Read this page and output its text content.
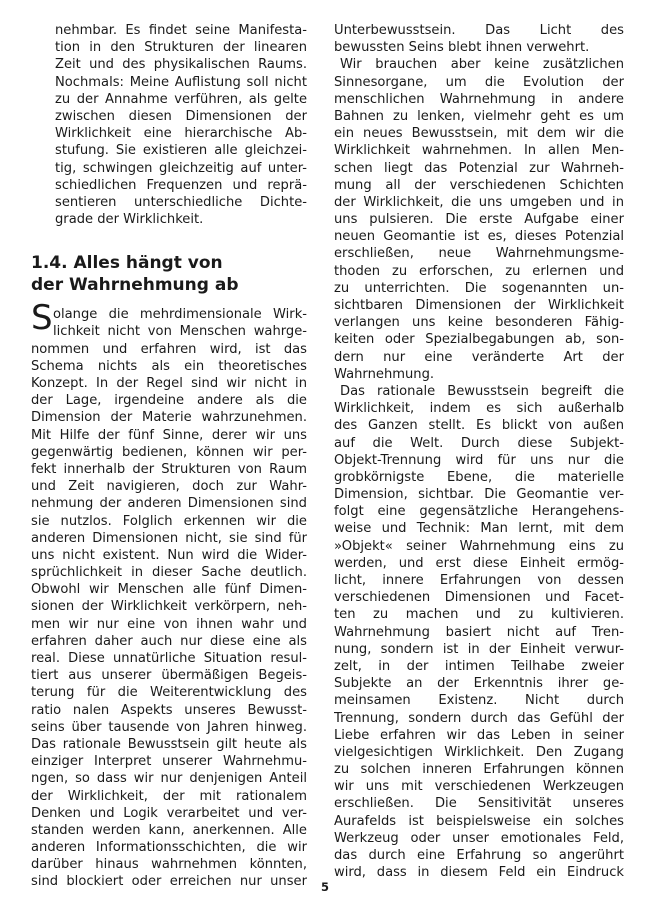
nehmbar. Es findet seine Manifesta-
tion in den Strukturen der linearen
Zeit und des physikalischen Raums.
Nochmals: Meine Auflistung soll nicht
zu der Annahme verführen, als gelte
zwischen diesen Dimensionen der
Wirklichkeit eine hierarchische Ab-
stufung. Sie existieren alle gleichzei-
tig, schwingen gleichzeitig auf unter-
schiedlichen Frequenzen und reprä-
sentieren unterschiedliche Dichte-
grade der Wirklichkeit.
1.4. Alles hängt von
der Wahrnehmung ab
S olange die mehrdimensionale Wirk-
lichkeit nicht von Menschen wahrge-
nommen und erfahren wird, ist das
Schema nichts als ein theoretisches
Konzept. In der Regel sind wir nicht in
der Lage, irgendeine andere als die
Dimension der Materie wahrzunehmen.
Mit Hilfe der fünf Sinne, derer wir uns
gegenwärtig bedienen, können wir per-
fekt innerhalb der Strukturen von Raum
und Zeit navigieren, doch zur Wahr-
nehmung der anderen Dimensionen sind
sie nutzlos. Folglich erkennen wir die
anderen Dimensionen nicht, sie sind für
uns nicht existent. Nun wird die Wider-
sprüchlichkeit in dieser Sache deutlich.
Obwohl wir Menschen alle fünf Dimen-
sionen der Wirklichkeit verkörpern, neh-
men wir nur eine von ihnen wahr und
erfahren daher auch nur diese eine als
real. Diese unnatürliche Situation resul-
tiert aus unserer übermäßigen Begeis-
terung für die Weiterentwicklung des
ratio nalen Aspekts unseres Bewusst-
seins über tausende von Jahren hinweg.
Das rationale Bewusstsein gilt heute als
einziger Interpret unserer Wahrnehmu-
ngen, so dass wir nur denjenigen Anteil
der Wirklichkeit, der mit rationalem
Denken und Logik verarbeitet und ver-
standen werden kann, anerkennen. Alle
anderen Informationsschichten, die wir
darüber hinaus wahrnehmen könnten,
sind blockiert oder erreichen nur unser
Unterbewusstsein. Das Licht des
bewussten Seins blebt ihnen verwehrt.
Wir brauchen aber keine zusätzlichen
Sinnesorgane, um die Evolution der
menschlichen Wahrnehmung in andere
Bahnen zu lenken, vielmehr geht es um
ein neues Bewusstsein, mit dem wir die
Wirklichkeit wahrnehmen. In allen Men-
schen liegt das Potenzial zur Wahrneh-
mung all der verschiedenen Schichten
der Wirklichkeit, die uns umgeben und in
uns pulsieren. Die erste Aufgabe einer
neuen Geomantie ist es, dieses Potenzial
erschließen, neue Wahrnehmungsme-
thoden zu erforschen, zu erlernen und
zu unterrichten. Die sogenannten un-
sichtbaren Dimensionen der Wirklichkeit
verlangen uns keine besonderen Fähig-
keiten oder Spezialbegabungen ab, son-
dern nur eine veränderte Art der
Wahrnehmung.
Das rationale Bewusstsein begreift die
Wirklichkeit, indem es sich außerhalb
des Ganzen stellt. Es blickt von außen
auf die Welt. Durch diese Subjekt-
Objekt-Trennung wird für uns nur die
grobkörnigste Ebene, die materielle
Dimension, sichtbar. Die Geomantie ver-
folgt eine gegensätzliche Herangehens-
weise und Technik: Man lernt, mit dem
»Objekt« seiner Wahrnehmung eins zu
werden, und erst diese Einheit ermög-
licht, innere Erfahrungen von dessen
verschiedenen Dimensionen und Facet-
ten zu machen und zu kultivieren.
Wahrnehmung basiert nicht auf Tren-
nung, sondern ist in der Einheit verwur-
zelt, in der intimen Teilhabe zweier
Subjekte an der Erkenntnis ihrer ge-
meinsamen Existenz. Nicht durch
Trennung, sondern durch das Gefühl der
Liebe erfahren wir das Leben in seiner
vielgesichtigen Wirklichkeit. Den Zugang
zu solchen inneren Erfahrungen können
wir uns mit verschiedenen Werkzeugen
erschließen. Die Sensitivität unseres
Aurafelds ist beispielsweise ein solches
Werkzeug oder unser emotionales Feld,
das durch eine Erfahrung so angerührt
wird, dass in diesem Feld ein Eindruck
5
